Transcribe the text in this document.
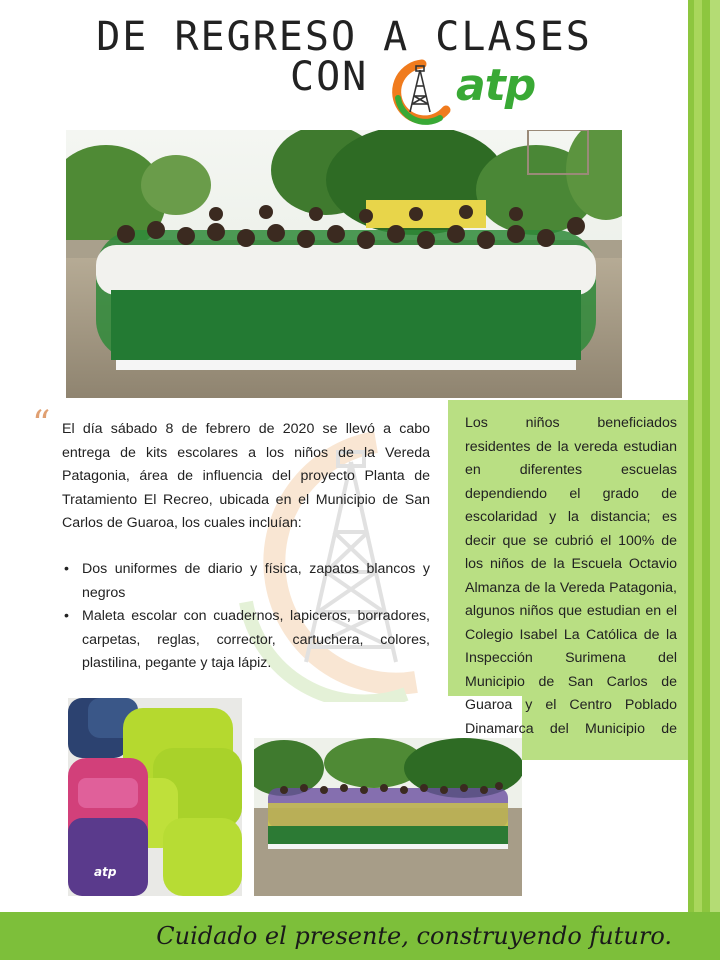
DE REGRESO A CLASES
CON atp
“ El día sábado 8 de febrero de 2020 se llevó a cabo entrega de kits escolares a los niños de la Vereda Patagonia, área de influencia del proyecto Planta de Tratamiento El Recreo, ubicada en el Municipio de San Carlos de Guaroa, los cuales incluían:
• Dos uniformes de diario y física, zapatos blancos y negros
• Maleta escolar con cuadernos, lapiceros, borradores, carpetas, reglas, corrector, cartuchera, colores, plastilina, pegante y taja lápiz.
Los niños beneficiados residentes de la vereda estudian en diferentes escuelas dependiendo el grado de escolaridad y la distancia; es decir que se cubrió el 100% de los niños de la Escuela Octavio Almanza de la Vereda Patagonia, algunos niños que estudian en el Colegio Isabel La Católica de la Inspección Surimena del Municipio de San Carlos de Guaroa y el Centro Poblado Dinamarca del Municipio de
atp
Cuidado el presente, construyendo futuro.
